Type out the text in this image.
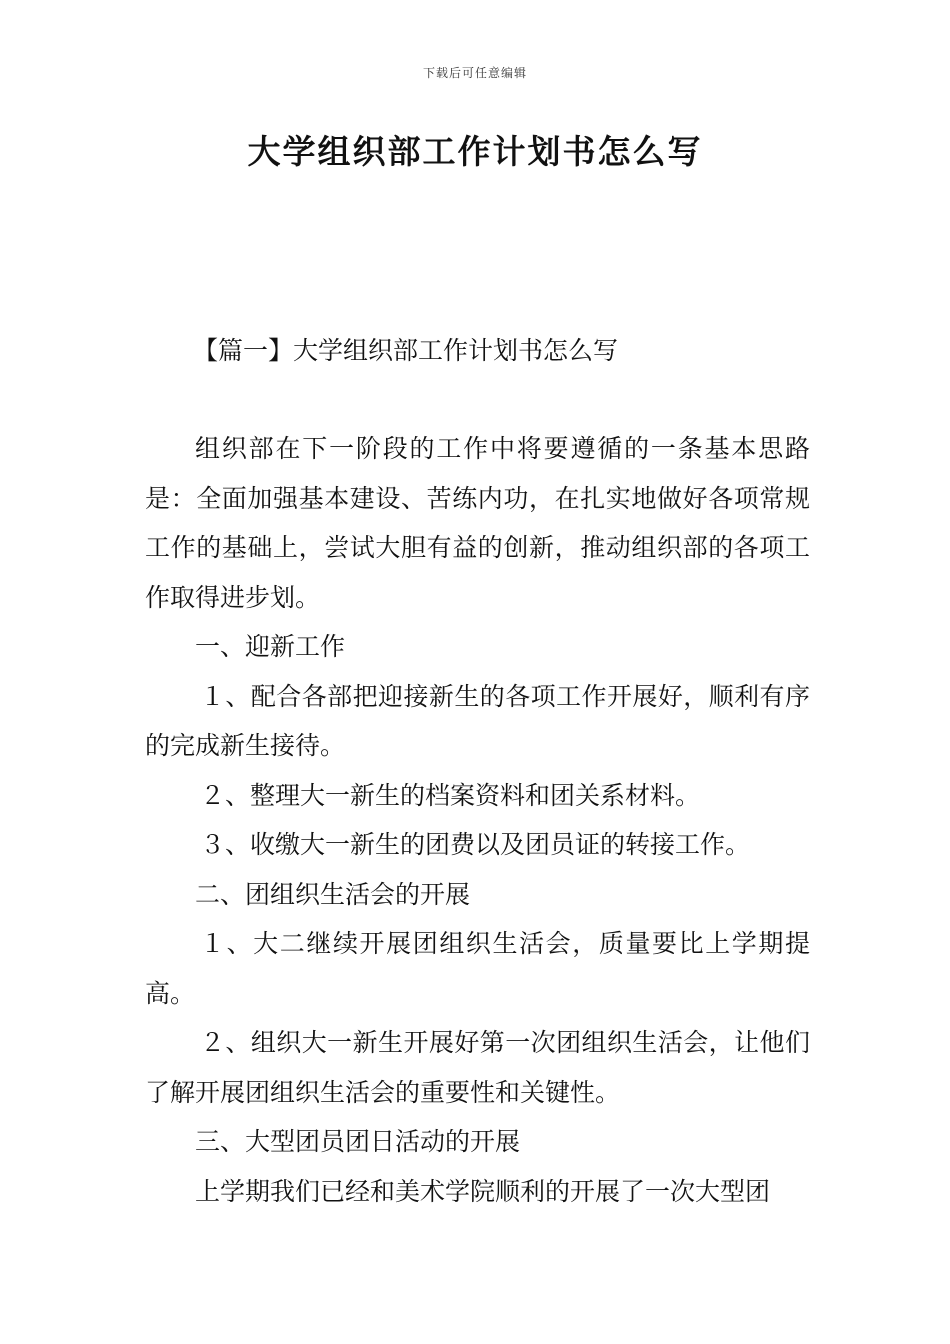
下载后可任意编辑
大学组织部工作计划书怎么写
【篇一】大学组织部工作计划书怎么写

组织部在下一阶段的工作中将要遵循的一条基本思路是：全面加强基本建设、苦练内功，在扎实地做好各项常规工作的基础上，尝试大胆有益的创新，推动组织部的各项工作取得进步划。

一、迎新工作

１、配合各部把迎接新生的各项工作开展好，顺利有序的完成新生接待。

２、整理大一新生的档案资料和团关系材料。

３、收缴大一新生的团费以及团员证的转接工作。

二、团组织生活会的开展

１、大二继续开展团组织生活会，质量要比上学期提高。

２、组织大一新生开展好第一次团组织生活会，让他们了解开展团组织生活会的重要性和关键性。

三、大型团员团日活动的开展

上学期我们已经和美术学院顺利的开展了一次大型团
